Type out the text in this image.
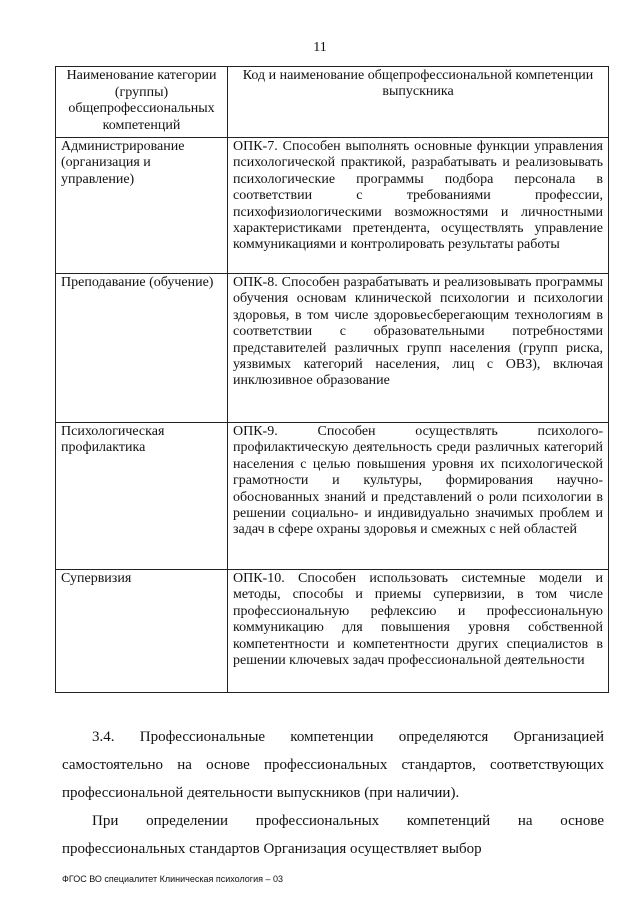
11
Наименование категории (группы) общепрофессиональных компетенций	Код и наименование общепрофессиональной компетенции выпускника
Администрирование (организация и управление)	ОПК-7. Способен выполнять основные функции управления психологической практикой, разрабатывать и реализовывать психологические программы подбора персонала в соответствии с требованиями профессии, психофизиологическими возможностями и личностными характеристиками претендента, осуществлять управление коммуникациями и контролировать результаты работы
Преподавание (обучение)	ОПК-8. Способен разрабатывать и реализовывать программы обучения основам клинической психологии и психологии здоровья, в том числе здоровьесберегающим технологиям в соответствии с образовательными потребностями представителей различных групп населения (групп риска, уязвимых категорий населения, лиц с ОВЗ), включая инклюзивное образование
Психологическая профилактика	ОПК-9. Способен осуществлять психолого-профилактическую деятельность среди различных категорий населения с целью повышения уровня их психологической грамотности и культуры, формирования научно-обоснованных знаний и представлений о роли психологии в решении социально- и индивидуально значимых проблем и задач в сфере охраны здоровья и смежных с ней областей
Супервизия	ОПК-10. Способен использовать системные модели и методы, способы и приемы супервизии, в том числе профессиональную рефлексию и профессиональную коммуникацию для повышения уровня собственной компетентности и компетентности других специалистов в решении ключевых задач профессиональной деятельности
3.4. Профессиональные компетенции определяются Организацией самостоятельно на основе профессиональных стандартов, соответствующих профессиональной деятельности выпускников (при наличии).
При определении профессиональных компетенций на основе профессиональных стандартов Организация осуществляет выбор
ФГОС ВО специалитет Клиническая психология – 03
